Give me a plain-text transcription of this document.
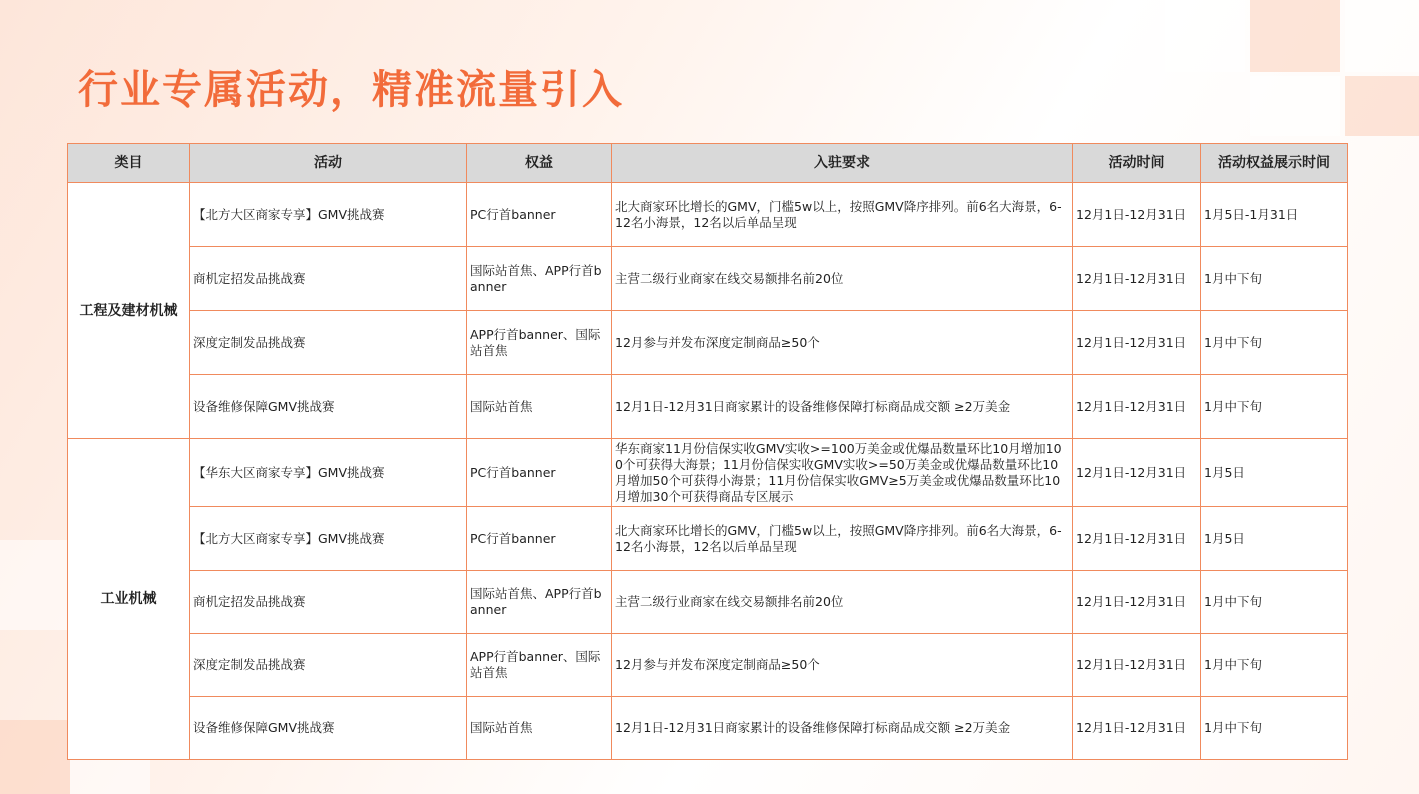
行业专属活动，精准流量引入
类目	活动	权益	入驻要求	活动时间	活动权益展示时间
工程及建材机械	【北方大区商家专享】GMV挑战赛	PC行首banner	北大商家环比增长的GMV，门槛5w以上，按照GMV降序排列。前6名大海景，6-12名小海景，12名以后单品呈现	12月1日-12月31日	1月5日-1月31日
	商机定招发品挑战赛	国际站首焦、APP行首banner	主营二级行业商家在线交易额排名前20位	12月1日-12月31日	1月中下旬
	深度定制发品挑战赛	APP行首banner、国际站首焦	12月参与并发布深度定制商品≥50个	12月1日-12月31日	1月中下旬
	设备维修保障GMV挑战赛	国际站首焦	12月1日-12月31日商家累计的设备维修保障打标商品成交额 ≥2万美金	12月1日-12月31日	1月中下旬
工业机械	【华东大区商家专享】GMV挑战赛	PC行首banner	华东商家11月份信保实收GMV实收>=100万美金或优爆品数量环比10月增加100个可获得大海景；11月份信保实收GMV实收>=50万美金或优爆品数量环比10月增加50个可获得小海景；11月份信保实收GMV≥5万美金或优爆品数量环比10月增加30个可获得商品专区展示	12月1日-12月31日	1月5日
	【北方大区商家专享】GMV挑战赛	PC行首banner	北大商家环比增长的GMV，门槛5w以上，按照GMV降序排列。前6名大海景，6-12名小海景，12名以后单品呈现	12月1日-12月31日	1月5日
	商机定招发品挑战赛	国际站首焦、APP行首banner	主营二级行业商家在线交易额排名前20位	12月1日-12月31日	1月中下旬
	深度定制发品挑战赛	APP行首banner、国际站首焦	12月参与并发布深度定制商品≥50个	12月1日-12月31日	1月中下旬
	设备维修保障GMV挑战赛	国际站首焦	12月1日-12月31日商家累计的设备维修保障打标商品成交额 ≥2万美金	12月1日-12月31日	1月中下旬
